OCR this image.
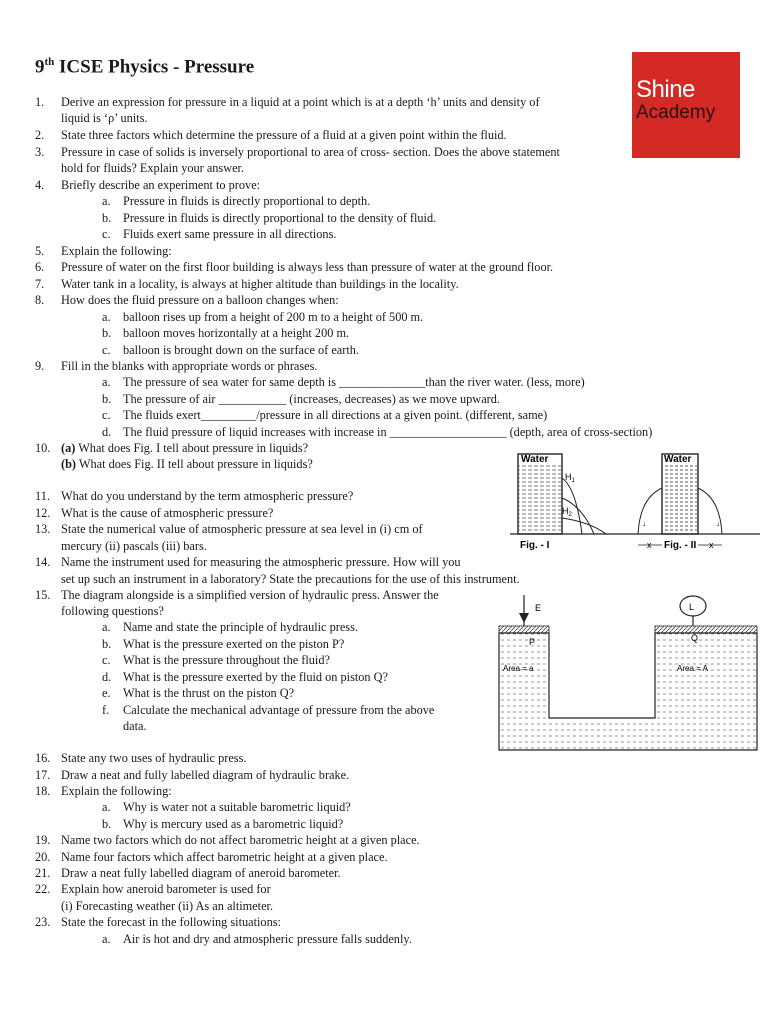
9th ICSE Physics - Pressure
Shine
Academy
1. Derive an expression for pressure in a liquid at a point which is at a depth ‘h’ units and density of
liquid is ‘ρ’ units.
2. State three factors which determine the pressure of a fluid at a given point within the fluid.
3. Pressure in case of solids is inversely proportional to area of cross- section. Does the above statement
hold for fluids? Explain your answer.
4. Briefly describe an experiment to prove:
a. Pressure in fluids is directly proportional to depth.
b. Pressure in fluids is directly proportional to the density of fluid.
c. Fluids exert same pressure in all directions.
5. Explain the following:
6. Pressure of water on the first floor building is always less than pressure of water at the ground floor.
7. Water tank in a locality, is always at higher altitude than buildings in the locality.
8. How does the fluid pressure on a balloon changes when:
a. balloon rises up from a height of 200 m to a height of 500 m.
b. balloon moves horizontally at a height 200 m.
c. balloon is brought down on the surface of earth.
9. Fill in the blanks with appropriate words or phrases.
a. The pressure of sea water for same depth is ______________than the river water. (less, more)
b. The pressure of air ___________ (increases, decreases) as we move upward.
c. The fluids exert_________/pressure in all directions at a given point. (different, same)
d. The fluid pressure of liquid increases with increase in ___________________ (depth, area of cross-section)
10. (a) What does Fig. I tell about pressure in liquids?
(b) What does Fig. II tell about pressure in liquids?
11. What do you understand by the term atmospheric pressure?
12. What is the cause of atmospheric pressure?
13. State the numerical value of atmospheric pressure at sea level in (i) cm of
mercury (ii) pascals (iii) bars.
14. Name the instrument used for measuring the atmospheric pressure. How will you
set up such an instrument in a laboratory? State the precautions for the use of this instrument.
15. The diagram alongside is a simplified version of hydraulic press. Answer the
following questions?
a. Name and state the principle of hydraulic press.
b. What is the pressure exerted on the piston P?
c. What is the pressure throughout the fluid?
d. What is the pressure exerted by the fluid on piston Q?
e. What is the thrust on the piston Q?
f. Calculate the mechanical advantage of pressure from the above
data.
16. State any two uses of hydraulic press.
17. Draw a neat and fully labelled diagram of hydraulic brake.
18. Explain the following:
a. Why is water not a suitable barometric liquid?
b. Why is mercury used as a barometric liquid?
19. Name two factors which do not affect barometric height at a given place.
20. Name four factors which affect barometric height at a given place.
21. Draw a neat fully labelled diagram of aneroid barometer.
22. Explain how aneroid barometer is used for
(i) Forecasting weather (ii) As an altimeter.
23. State the forecast in the following situations:
a. Air is hot and dry and atmospheric pressure falls suddenly.
Water
$H_1$
$H_2$
Fig. - I
Water
↓	↓
x Fig. - II x
E
P
Area = a
L
Q
Area = A
